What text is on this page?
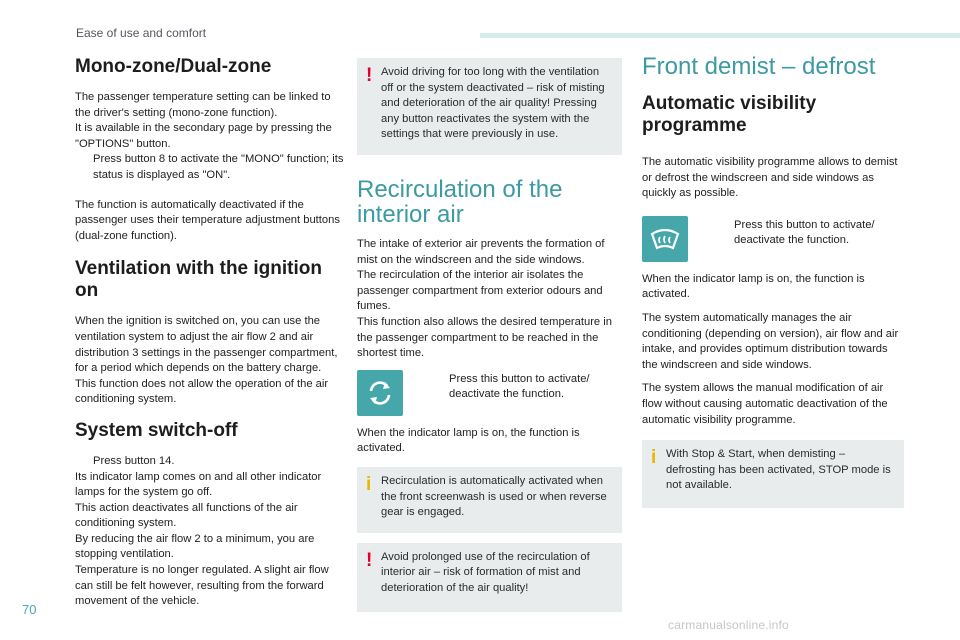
Ease of use and comfort
Mono-zone/Dual-zone
The passenger temperature setting can be linked to the driver's setting (mono-zone function).
It is available in the secondary page by pressing the "OPTIONS" button.
Press button 8 to activate the "MONO" function; its status is displayed as "ON".
The function is automatically deactivated if the passenger uses their temperature adjustment buttons (dual-zone function).
Ventilation with the ignition on
When the ignition is switched on, you can use the ventilation system to adjust the air flow 2 and air distribution 3 settings in the passenger compartment, for a period which depends on the battery charge.
This function does not allow the operation of the air conditioning system.
System switch-off
Press button 14.
Its indicator lamp comes on and all other indicator lamps for the system go off.
This action deactivates all functions of the air conditioning system.
By reducing the air flow 2 to a minimum, you are stopping ventilation.
Temperature is no longer regulated. A slight air flow can still be felt however, resulting from the forward movement of the vehicle.
! Avoid driving for too long with the ventilation off or the system deactivated – risk of misting and deterioration of the air quality! Pressing any button reactivates the system with the settings that were previously in use.
Recirculation of the
interior air
The intake of exterior air prevents the formation of mist on the windscreen and the side windows.
The recirculation of the interior air isolates the passenger compartment from exterior odours and fumes.
This function also allows the desired temperature in the passenger compartment to be reached in the shortest time.
Press this button to activate/ deactivate the function.
When the indicator lamp is on, the function is activated.
i Recirculation is automatically activated when the front screenwash is used or when reverse gear is engaged.
! Avoid prolonged use of the recirculation of interior air – risk of formation of mist and deterioration of the air quality!
Front demist – defrost
Automatic visibility
programme
The automatic visibility programme allows to demist or defrost the windscreen and side windows as quickly as possible.
Press this button to activate/ deactivate the function.
When the indicator lamp is on, the function is activated.
The system automatically manages the air conditioning (depending on version), air flow and air intake, and provides optimum distribution towards the windscreen and side windows.
The system allows the manual modification of air flow without causing automatic deactivation of the automatic visibility programme.
i With Stop & Start, when demisting – defrosting has been activated, STOP mode is not available.
70
carmanualsonline.info
